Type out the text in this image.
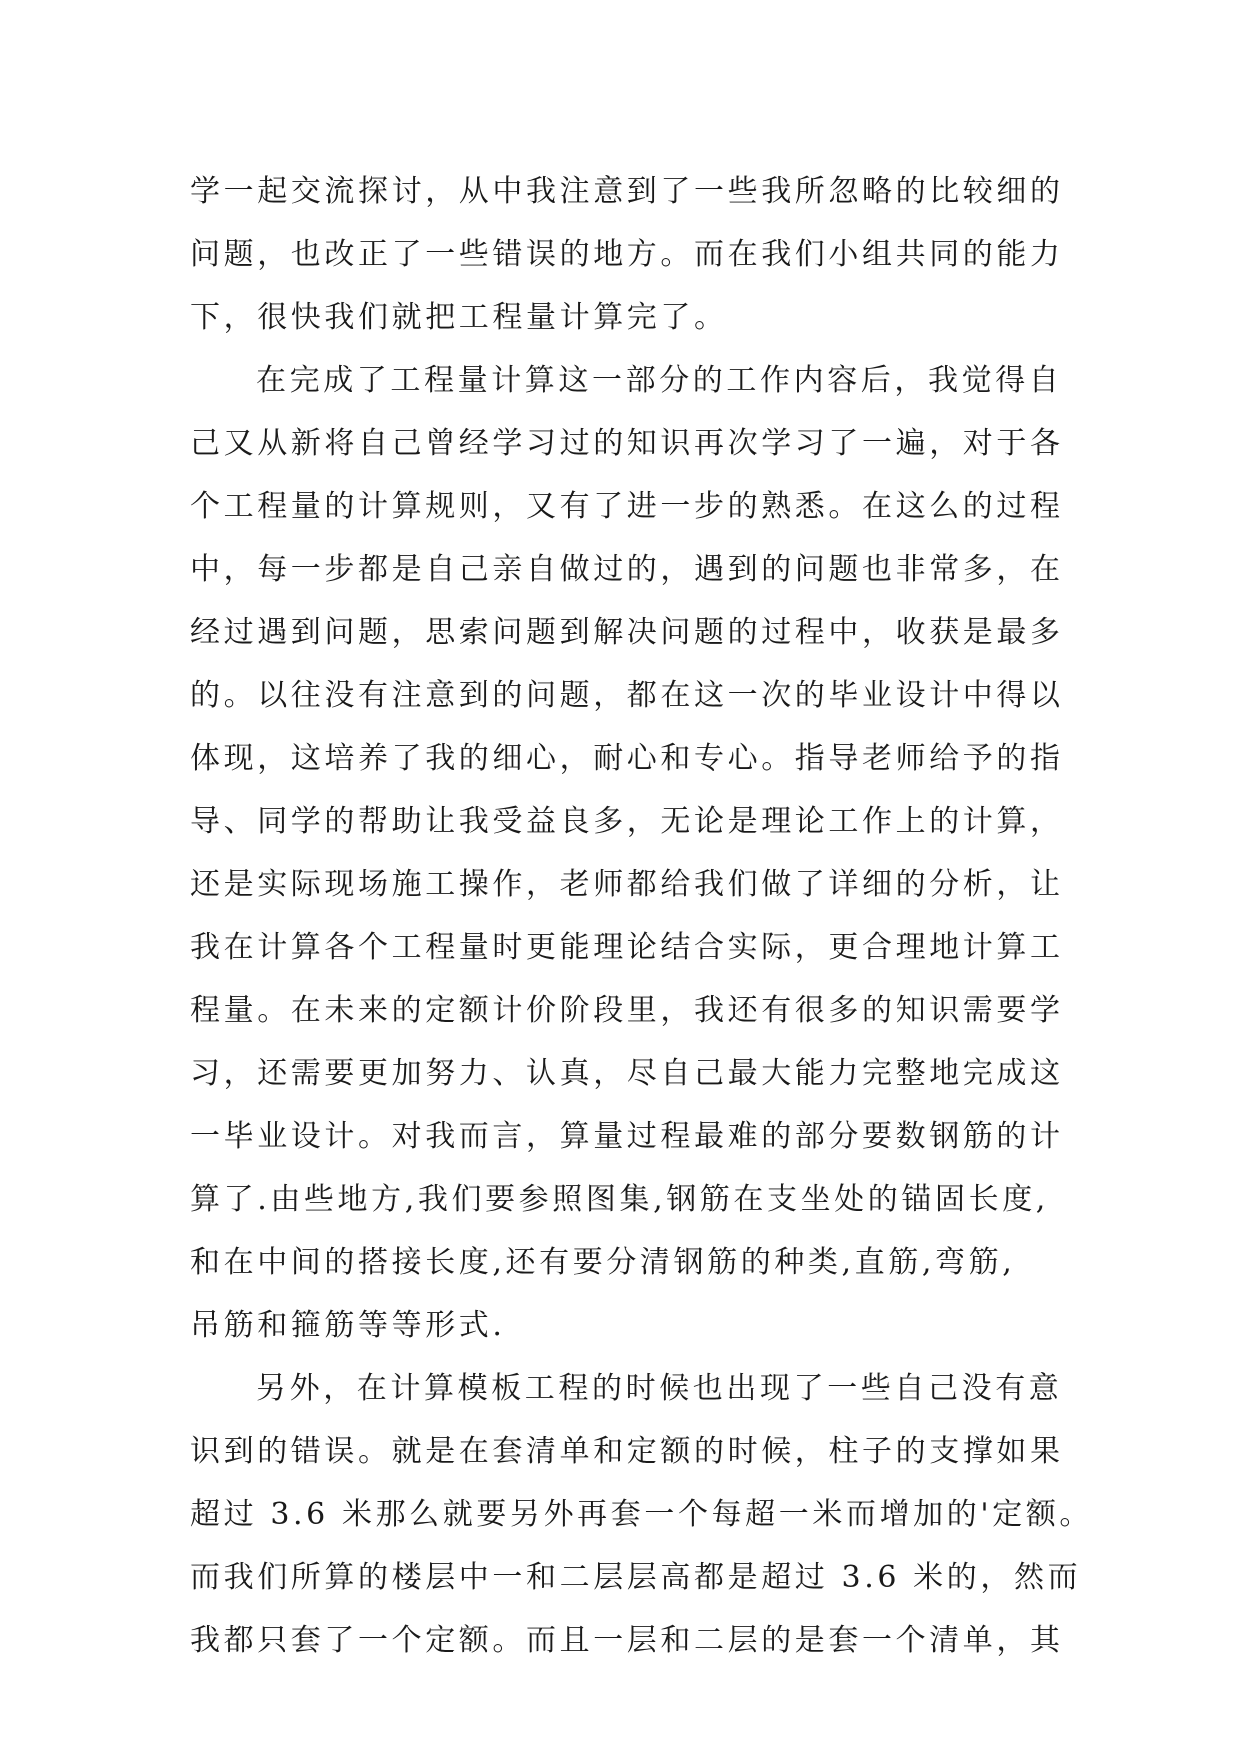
学一起交流探讨，从中我注意到了一些我所忽略的比较细的
问题，也改正了一些错误的地方。而在我们小组共同的能力
下，很快我们就把工程量计算完了。
在完成了工程量计算这一部分的工作内容后，我觉得自
己又从新将自己曾经学习过的知识再次学习了一遍，对于各
个工程量的计算规则，又有了进一步的熟悉。在这么的过程
中，每一步都是自己亲自做过的，遇到的问题也非常多，在
经过遇到问题，思索问题到解决问题的过程中，收获是最多
的。以往没有注意到的问题，都在这一次的毕业设计中得以
体现，这培养了我的细心，耐心和专心。指导老师给予的指
导、同学的帮助让我受益良多，无论是理论工作上的计算，
还是实际现场施工操作，老师都给我们做了详细的分析，让
我在计算各个工程量时更能理论结合实际，更合理地计算工
程量。在未来的定额计价阶段里，我还有很多的知识需要学
习，还需要更加努力、认真，尽自己最大能力完整地完成这
一毕业设计。对我而言，算量过程最难的部分要数钢筋的计
算了.由些地方,我们要参照图集,钢筋在支坐处的锚固长度,
和在中间的搭接长度,还有要分清钢筋的种类,直筋,弯筋,
吊筋和箍筋等等形式.
另外，在计算模板工程的时候也出现了一些自己没有意
识到的错误。就是在套清单和定额的时候，柱子的支撑如果
超过 3.6 米那么就要另外再套一个每超一米而增加的'定额。
而我们所算的楼层中一和二层层高都是超过 3.6 米的，然而
我都只套了一个定额。而且一层和二层的是套一个清单，其
